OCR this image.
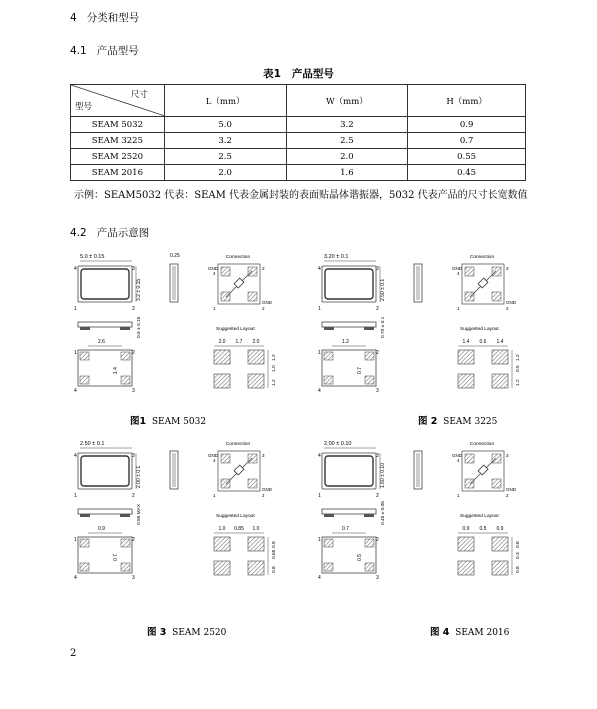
4 分类和型号
4.1 产品型号
表1 产品型号
尺寸
型号	L（mm）	W（mm）	H（mm）
SEAM 5032	5.0	3.2	0.9
SEAM 3225	3.2	2.5	0.7
SEAM 2520	2.5	2.0	0.55
SEAM 2016	2.0	1.6	0.45
示例：SEAM5032 代表：SEAM 代表金属封装的表面贴晶体谐振器，5032 代表产品的尺寸长宽数值
4.2 产品示意图
5.0 ± 0.15
4	3
1	2
3.2 ± 0.15
0.25
0.9 ± 0.15
2.6
1	2
1.4
4	3
Connection
GND
4
3
1
GND
2
Suggested Layout
2.0 1.7 2.0
1.2
1.0
1.2
3.20 ± 0.1
4	3
1	2
2.50 ± 0.1
0.70 ± 0.1
1.2
1	2
0.7
4	3
Connection
GND
4
3
1
GND
2
Suggested Layout
1.4 0.6 1.4
1.2
0.5
1.2
2.50 ± 0.1
4	3
1	2
2.00 ± 0.1
0.55 MAX
0.9
1	2
0.7
4	3
Connection
GND
4
3
1
GND
2
Suggested Layout
1.0 0.85 1.0
0.8
0.65
0.8
2.00 ± 0.10
4	3
1	2
1.60 ± 0.10
0.45 ± 0.05
0.7
1	2
0.5
4	3
Connection
GND
4
3
1
GND
2
Suggested Layout
0.9 0.5 0.9
0.8
0.3
0.8
图1 SEAM 5032	图 2 SEAM 3225
图 3 SEAM 2520	图 4 SEAM 2016
2
